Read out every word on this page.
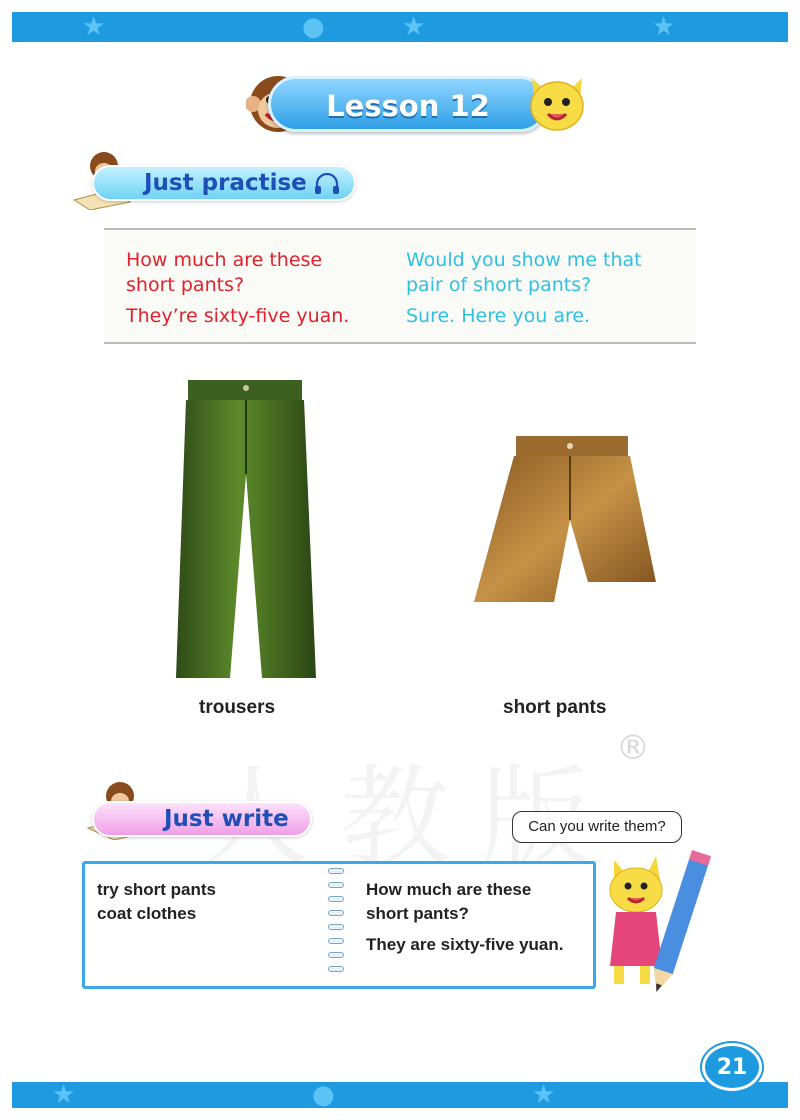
★	●	★	★
Lesson 12
Just practise
How much are these
short pants?
They’re sixty-five yuan.
Would you show me that
pair of short pants?
Sure. Here you are.
trousers	short pants
®
Just write	Can you write them?
try short pants
coat clothes
How much are these
short pants?
They are sixty-five yuan.
★	●	★
21
